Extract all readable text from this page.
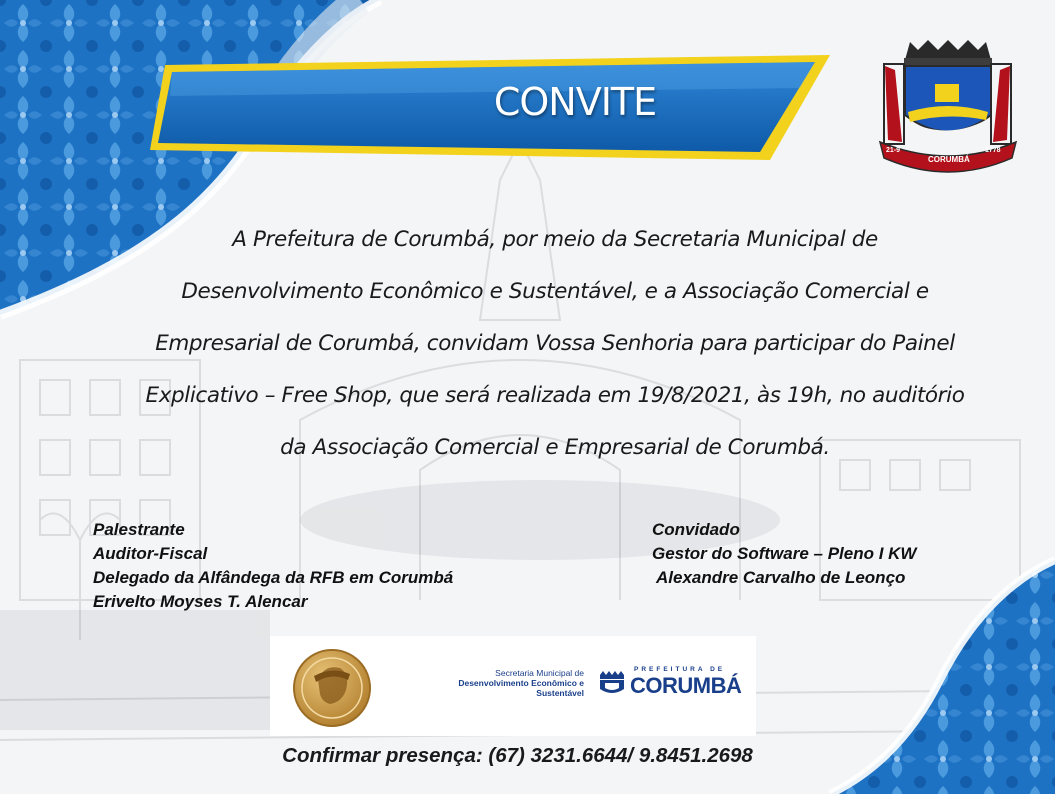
21-9
CORUMBÁ
1778
CONVITE
A Prefeitura de Corumbá, por meio da Secretaria Municipal de
Desenvolvimento Econômico e Sustentável, e a Associação Comercial e
Empresarial de Corumbá, convidam Vossa Senhoria para participar do Painel
Explicativo – Free Shop, que será realizada em 19/8/2021, às 19h, no auditório
da Associação Comercial e Empresarial de Corumbá.
Palestrante
Auditor-Fiscal
Delegado da Alfândega da RFB em Corumbá
Erivelto Moyses T. Alencar
Convidado
Gestor do Software – Pleno I KW
Alexandre Carvalho de Leonço
Secretaria Municipal de
Desenvolvimento Econômico e
Sustentável
PREFEITURA DE
CORUMBÁ
Confirmar presença: (67) 3231.6644/ 9.8451.2698
